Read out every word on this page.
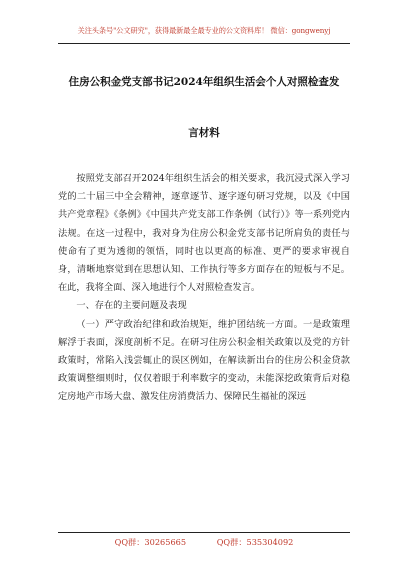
关注头条号"公文研究"，获得最新最全最专业的公文资料库！ 微信：gongwenyj
住房公积金党支部书记2024年组织生活会个人对照检查发
言材料

按照党支部召开2024年组织生活会的相关要求，我沉浸式深入学习党的二十届三中全会精神，逐章逐节、逐字逐句研习党规，以及《中国共产党章程》《条例》《中国共产党支部工作条例（试行）》等一系列党内法规。在这一过程中，我对身为住房公积金党支部书记所肩负的责任与使命有了更为透彻的领悟，同时也以更高的标准、更严的要求审视自身，清晰地察觉到在思想认知、工作执行等多方面存在的短板与不足。在此，我将全面、深入地进行个人对照检查发言。

一、存在的主要问题及表现

（一）严守政治纪律和政治规矩，维护团结统一方面。一是政策理解浮于表面，深度剖析不足。在研习住房公积金相关政策以及党的方针政策时，常陷入浅尝辄止的误区例如，在解读新出台的住房公积金贷款政策调整细则时，仅仅着眼于利率数字的变动，未能深挖政策背后对稳定房地产市场大盘、激发住房消费活力、保障民生福祉的深远

QQ群：30265665	QQ群：535304092
